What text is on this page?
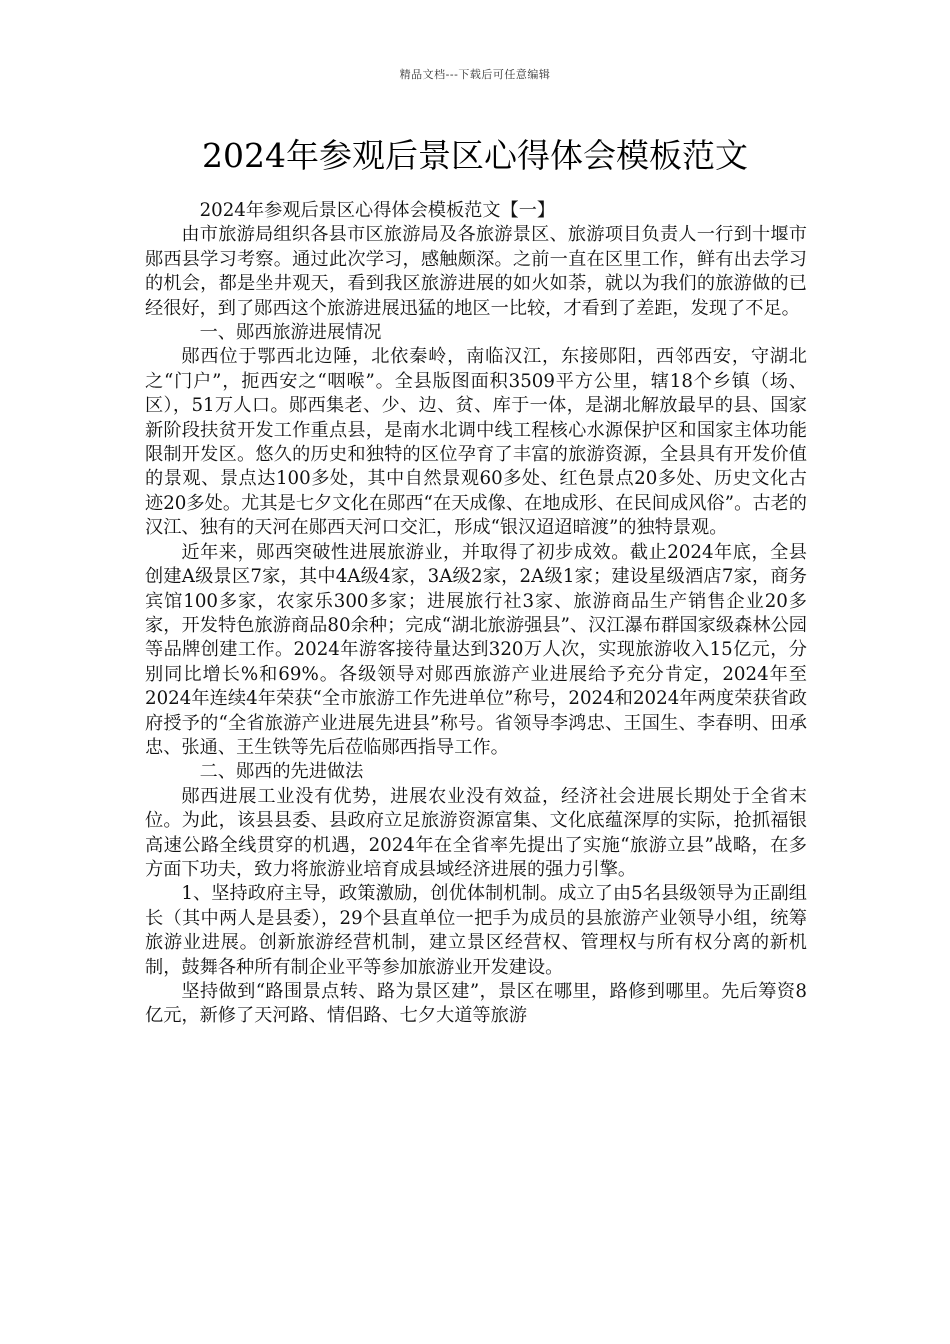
精品文档---下载后可任意编辑
2024年参观后景区心得体会模板范文

2024年参观后景区心得体会模板范文【一】

由市旅游局组织各县市区旅游局及各旅游景区、旅游项目负责人一行到十堰市郧西县学习考察。通过此次学习，感触颇深。之前一直在区里工作，鲜有出去学习的机会，都是坐井观天，看到我区旅游进展的如火如荼，就以为我们的旅游做的已经很好，到了郧西这个旅游进展迅猛的地区一比较，才看到了差距，发现了不足。

一、郧西旅游进展情况

郧西位于鄂西北边陲，北依秦岭，南临汉江，东接郧阳，西邻西安，守湖北之“门户”，扼西安之“咽喉”。全县版图面积3509平方公里，辖18个乡镇（场、区），51万人口。郧西集老、少、边、贫、库于一体，是湖北解放最早的县、国家新阶段扶贫开发工作重点县，是南水北调中线工程核心水源保护区和国家主体功能限制开发区。悠久的历史和独特的区位孕育了丰富的旅游资源，全县具有开发价值的景观、景点达100多处，其中自然景观60多处、红色景点20多处、历史文化古迹20多处。尤其是七夕文化在郧西“在天成像、在地成形、在民间成风俗”。古老的汉江、独有的天河在郧西天河口交汇，形成“银汉迢迢暗渡”的独特景观。

近年来，郧西突破性进展旅游业，并取得了初步成效。截止2024年底，全县创建A级景区7家，其中4A级4家，3A级2家，2A级1家；建设星级酒店7家，商务宾馆100多家，农家乐300多家；进展旅行社3家、旅游商品生产销售企业20多家，开发特色旅游商品80余种；完成“湖北旅游强县”、汉江瀑布群国家级森林公园等品牌创建工作。2024年游客接待量达到320万人次，实现旅游收入15亿元，分别同比增长%和69%。各级领导对郧西旅游产业进展给予充分肯定，2024年至2024年连续4年荣获“全市旅游工作先进单位”称号，2024和2024年两度荣获省政府授予的“全省旅游产业进展先进县”称号。省领导李鸿忠、王国生、李春明、田承忠、张通、王生铁等先后莅临郧西指导工作。

二、郧西的先进做法

郧西进展工业没有优势，进展农业没有效益，经济社会进展长期处于全省末位。为此，该县县委、县政府立足旅游资源富集、文化底蕴深厚的实际，抢抓福银高速公路全线贯穿的机遇，2024年在全省率先提出了实施“旅游立县”战略，在多方面下功夫，致力将旅游业培育成县域经济进展的强力引擎。

1、坚持政府主导，政策激励，创优体制机制。成立了由5名县级领导为正副组长（其中两人是县委），29个县直单位一把手为成员的县旅游产业领导小组，统筹旅游业进展。创新旅游经营机制，建立景区经营权、管理权与所有权分离的新机制，鼓舞各种所有制企业平等参加旅游业开发建设。

坚持做到“路围景点转、路为景区建”，景区在哪里，路修到哪里。先后筹资8亿元，新修了天河路、情侣路、七夕大道等旅游
